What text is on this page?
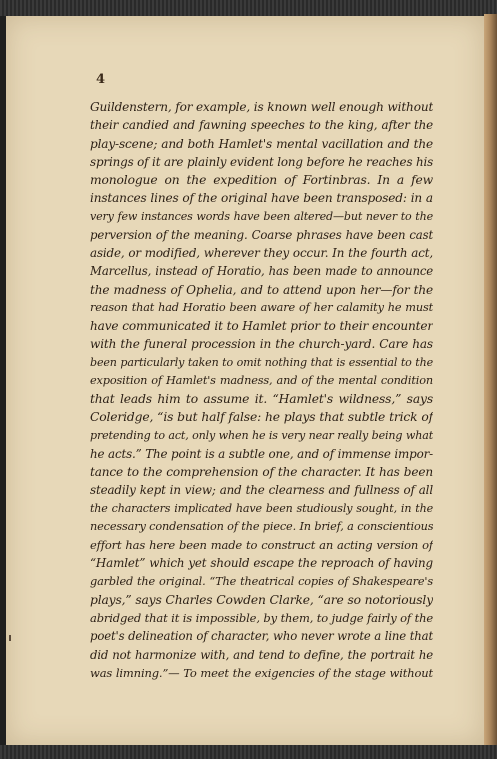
4
Guildenstern, for example, is known well enough without
their candied and fawning speeches to the king, after the
play-scene; and both Hamlet's mental vacillation and the
springs of it are plainly evident long before he reaches his
monologue on the expedition of Fortinbras. In a few
instances lines of the original have been transposed: in a
very few instances words have been altered—but never to the
perversion of the meaning. Coarse phrases have been cast
aside, or modified, wherever they occur. In the fourth act,
Marcellus, instead of Horatio, has been made to announce
the madness of Ophelia, and to attend upon her—for the
reason that had Horatio been aware of her calamity he must
have communicated it to Hamlet prior to their encounter
with the funeral procession in the church-yard. Care has
been particularly taken to omit nothing that is essential to the
exposition of Hamlet's madness, and of the mental condition
that leads him to assume it. “Hamlet's wildness,” says
Coleridge, “is but half false: he plays that subtle trick of
pretending to act, only when he is very near really being what
he acts.” The point is a subtle one, and of immense impor-
tance to the comprehension of the character. It has been
steadily kept in view; and the clearness and fullness of all
the characters implicated have been studiously sought, in the
necessary condensation of the piece. In brief, a conscientious
effort has here been made to construct an acting version of
“Hamlet” which yet should escape the reproach of having
garbled the original. “The theatrical copies of Shakespeare's
plays,” says Charles Cowden Clarke, “are so notoriously
abridged that it is impossible, by them, to judge fairly of the
poet's delineation of character, who never wrote a line that
did not harmonize with, and tend to define, the portrait he
was limning.”— To meet the exigencies of the stage without
